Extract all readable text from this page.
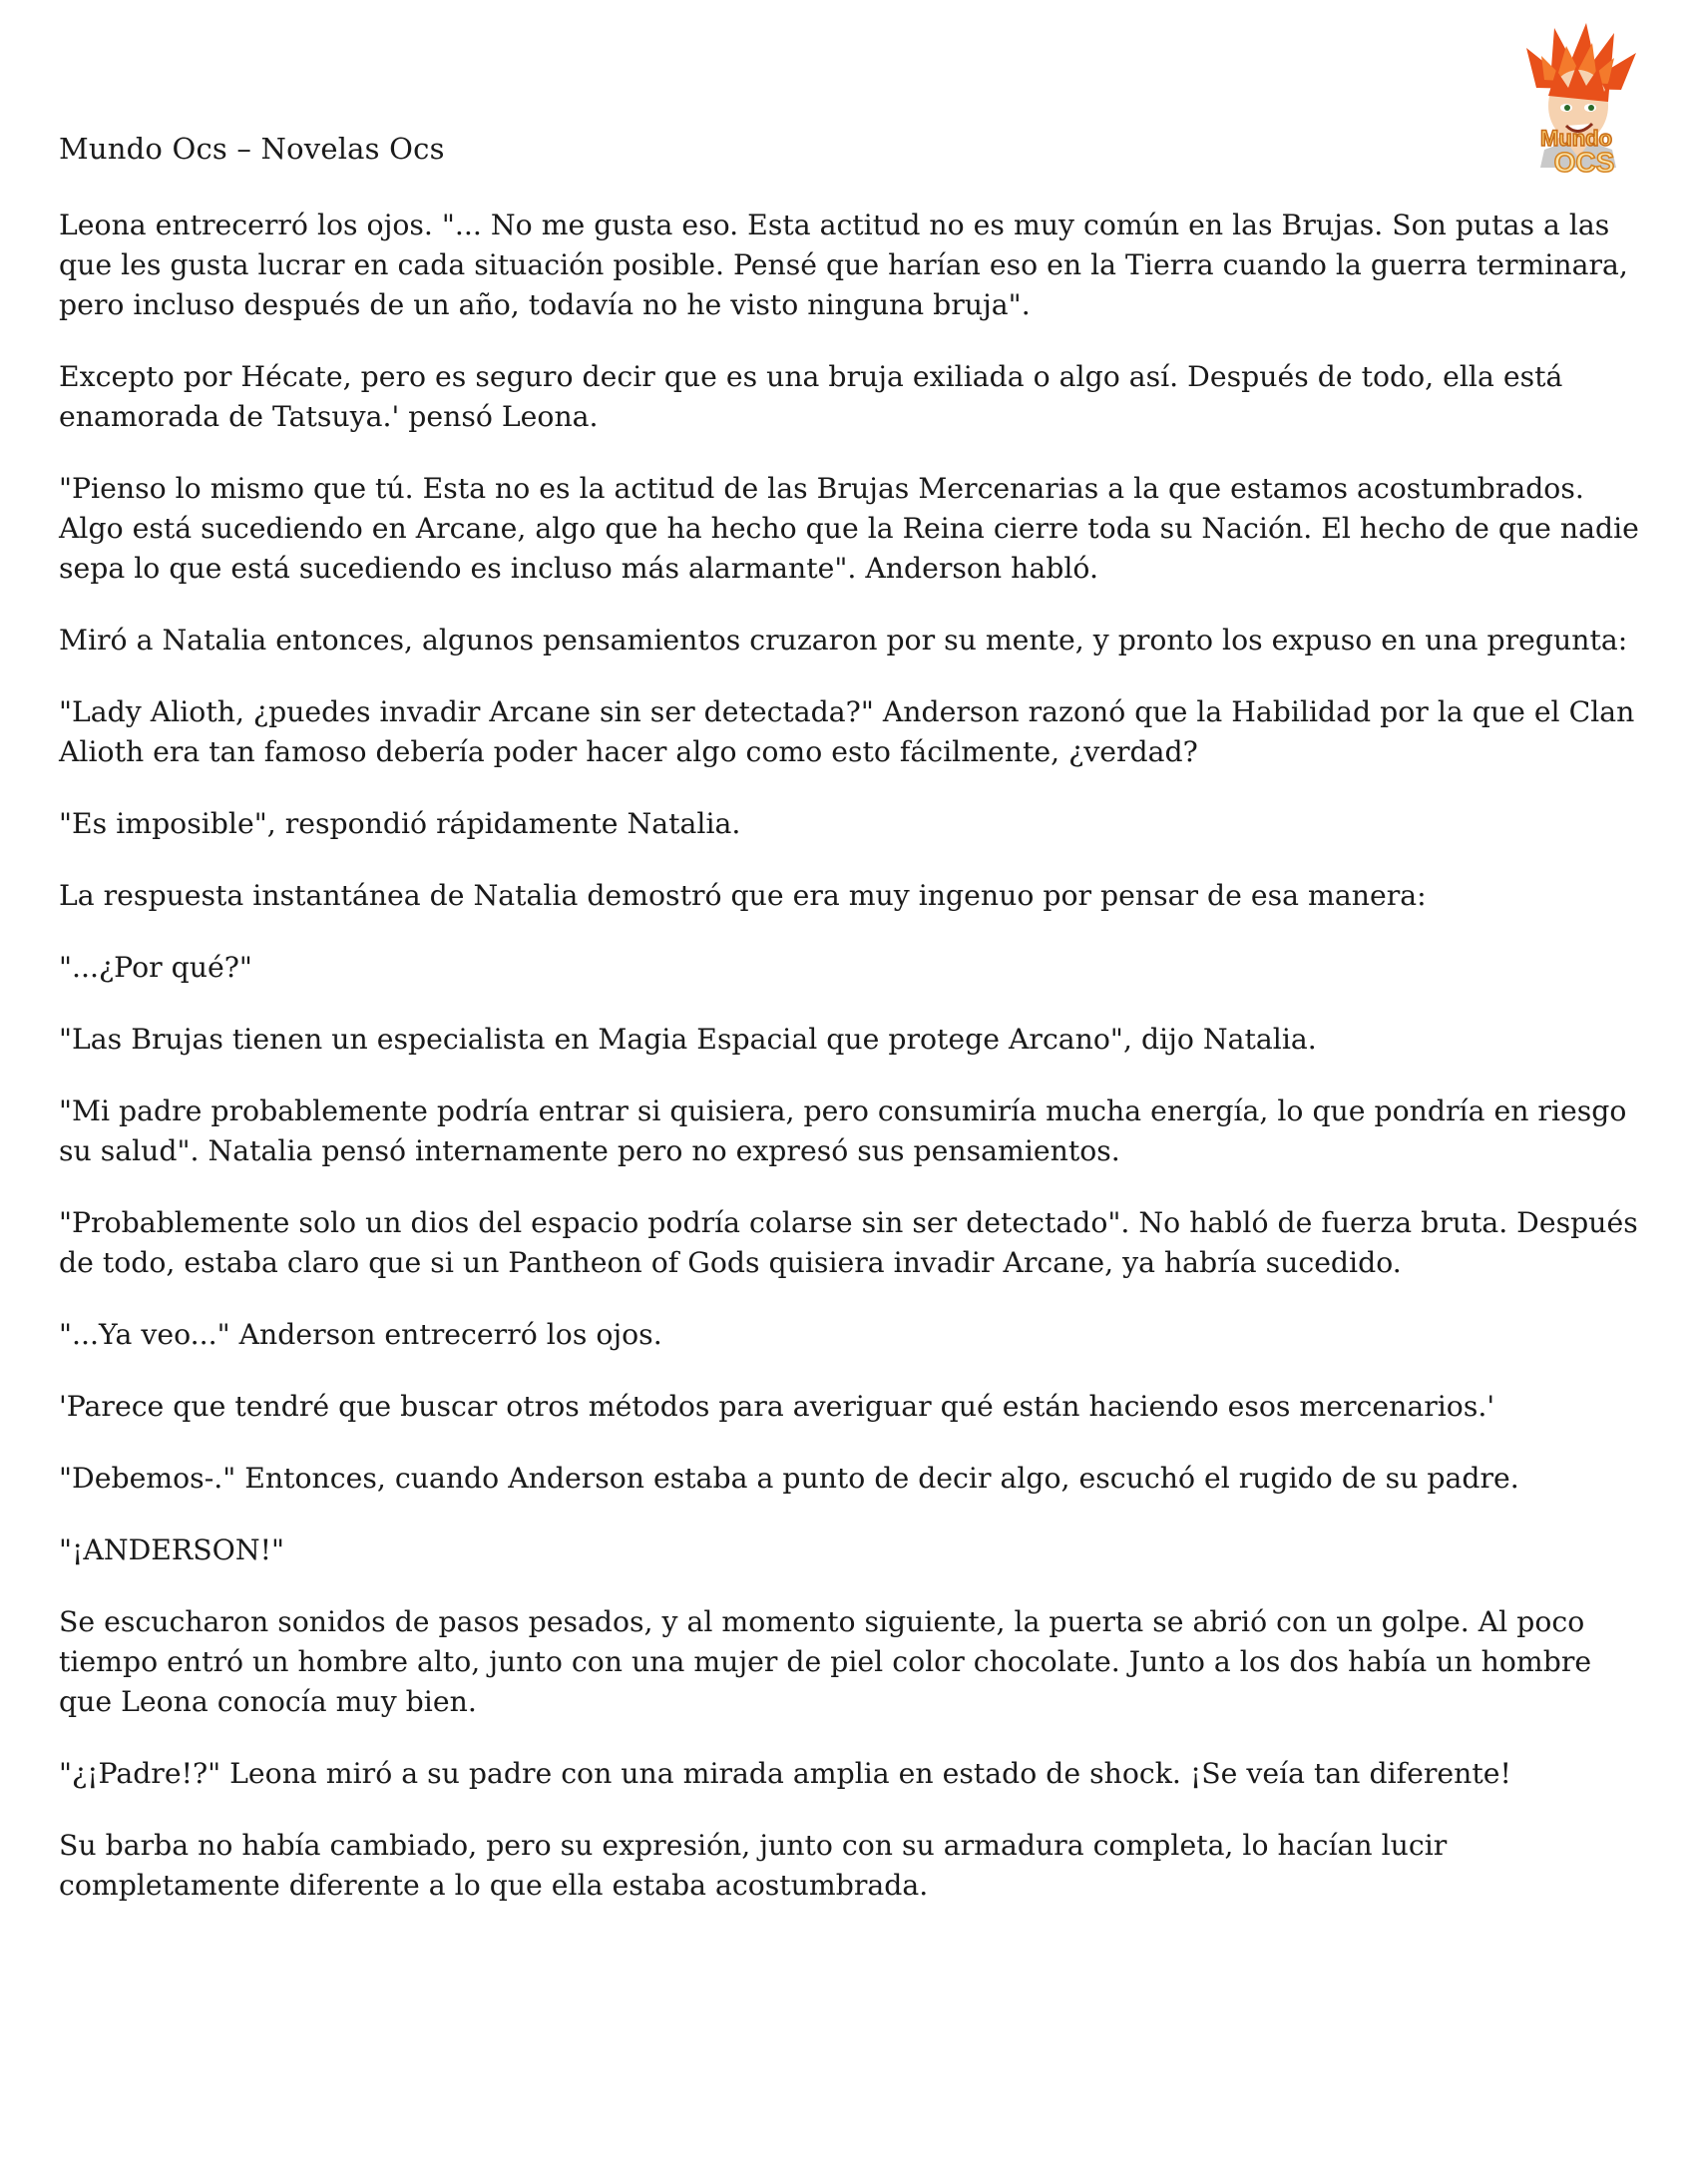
Mundo Ocs – Novelas Ocs	Mundo
OCS

Leona entrecerró los ojos. "... No me gusta eso. Esta actitud no es muy común en las Brujas. Son putas a las que les gusta lucrar en cada situación posible. Pensé que harían eso en la Tierra cuando la guerra terminara, pero incluso después de un año, todavía no he visto ninguna bruja".

Excepto por Hécate, pero es seguro decir que es una bruja exiliada o algo así. Después de todo, ella está enamorada de Tatsuya.' pensó Leona.

"Pienso lo mismo que tú. Esta no es la actitud de las Brujas Mercenarias a la que estamos acostumbrados. Algo está sucediendo en Arcane, algo que ha hecho que la Reina cierre toda su Nación. El hecho de que nadie sepa lo que está sucediendo es incluso más alarmante". Anderson habló.

Miró a Natalia entonces, algunos pensamientos cruzaron por su mente, y pronto los expuso en una pregunta:

"Lady Alioth, ¿puedes invadir Arcane sin ser detectada?" Anderson razonó que la Habilidad por la que el Clan Alioth era tan famoso debería poder hacer algo como esto fácilmente, ¿verdad?

"Es imposible", respondió rápidamente Natalia.

La respuesta instantánea de Natalia demostró que era muy ingenuo por pensar de esa manera:

"...¿Por qué?"

"Las Brujas tienen un especialista en Magia Espacial que protege Arcano", dijo Natalia.

"Mi padre probablemente podría entrar si quisiera, pero consumiría mucha energía, lo que pondría en riesgo su salud". Natalia pensó internamente pero no expresó sus pensamientos.

"Probablemente solo un dios del espacio podría colarse sin ser detectado". No habló de fuerza bruta. Después de todo, estaba claro que si un Pantheon of Gods quisiera invadir Arcane, ya habría sucedido.

"...Ya veo..." Anderson entrecerró los ojos.

'Parece que tendré que buscar otros métodos para averiguar qué están haciendo esos mercenarios.'

"Debemos-." Entonces, cuando Anderson estaba a punto de decir algo, escuchó el rugido de su padre.

"¡ANDERSON!"

Se escucharon sonidos de pasos pesados, y al momento siguiente, la puerta se abrió con un golpe. Al poco tiempo entró un hombre alto, junto con una mujer de piel color chocolate. Junto a los dos había un hombre que Leona conocía muy bien.

"¿¡Padre!?" Leona miró a su padre con una mirada amplia en estado de shock. ¡Se veía tan diferente!

Su barba no había cambiado, pero su expresión, junto con su armadura completa, lo hacían lucir completamente diferente a lo que ella estaba acostumbrada.
